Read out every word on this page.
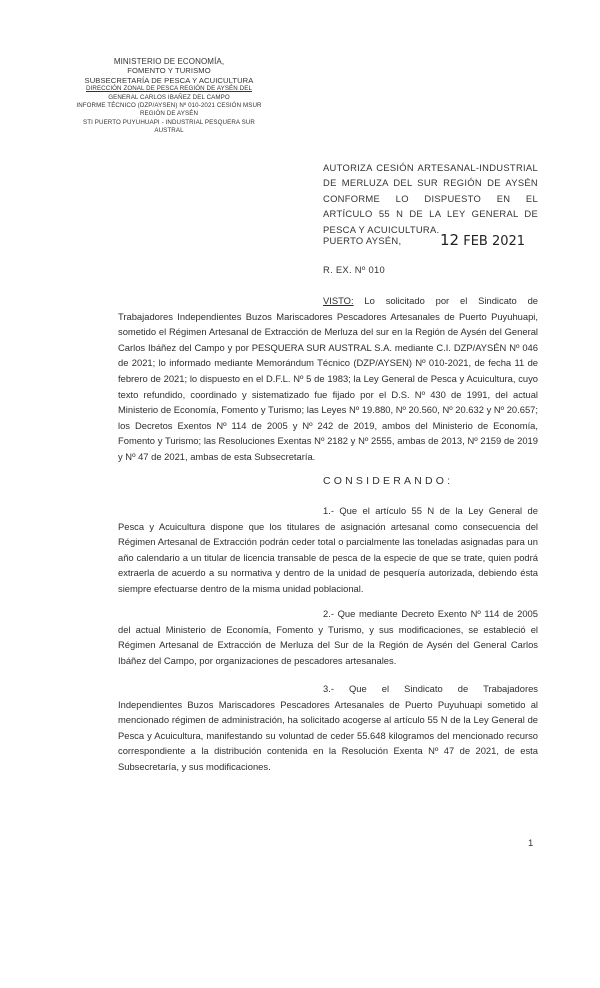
MINISTERIO DE ECONOMÍA,
FOMENTO Y TURISMO
SUBSECRETARÍA DE PESCA Y ACUICULTURA
DIRECCIÓN ZONAL DE PESCA REGIÓN DE AYSÉN DEL
GENERAL CARLOS IBAÑEZ DEL CAMPO
INFORME TÉCNICO (DZP/AYSEN) Nº 010-2021 CESIÓN MSUR
REGIÓN DE AYSÉN
STI PUERTO PUYUHUAPI - INDUSTRIAL PESQUERA SUR
AUSTRAL
AUTORIZA CESIÓN ARTESANAL-INDUSTRIAL DE MERLUZA DEL SUR REGIÓN DE AYSÉN CONFORME LO DISPUESTO EN EL ARTÍCULO 55 N DE LA LEY GENERAL DE PESCA Y ACUICULTURA.
PUERTO AYSÉN,	12 FEB 2021
R. EX. Nº 010
VISTO: Lo solicitado por el Sindicato de Trabajadores Independientes Buzos Mariscadores Pescadores Artesanales de Puerto Puyuhuapi, sometido el Régimen Artesanal de Extracción de Merluza del sur en la Región de Aysén del General Carlos Ibáñez del Campo y por PESQUERA SUR AUSTRAL S.A. mediante C.I. DZP/AYSÉN Nº 046 de 2021; lo informado mediante Memorándum Técnico (DZP/AYSEN) Nº 010-2021, de fecha 11 de febrero de 2021; lo dispuesto en el D.F.L. Nº 5 de 1983; la Ley General de Pesca y Acuicultura, cuyo texto refundido, coordinado y sistematizado fue fijado por el D.S. Nº 430 de 1991, del actual Ministerio de Economía, Fomento y Turismo; las Leyes Nº 19.880, Nº 20.560, Nº 20.632 y Nº 20.657; los Decretos Exentos Nº 114 de 2005 y Nº 242 de 2019, ambos del Ministerio de Economía, Fomento y Turismo; las Resoluciones Exentas Nº 2182 y Nº 2555, ambas de 2013, Nº 2159 de 2019 y Nº 47 de 2021, ambas de esta Subsecretaría.
CONSIDERANDO:
1.- Que el artículo 55 N de la Ley General de Pesca y Acuicultura dispone que los titulares de asignación artesanal como consecuencia del Régimen Artesanal de Extracción podrán ceder total o parcialmente las toneladas asignadas para un año calendario a un titular de licencia transable de pesca de la especie de que se trate, quien podrá extraerla de acuerdo a su normativa y dentro de la unidad de pesquería autorizada, debiendo ésta siempre efectuarse dentro de la misma unidad poblacional.
2.- Que mediante Decreto Exento Nº 114 de 2005 del actual Ministerio de Economía, Fomento y Turismo, y sus modificaciones, se estableció el Régimen Artesanal de Extracción de Merluza del Sur de la Región de Aysén del General Carlos Ibáñez del Campo, por organizaciones de pescadores artesanales.
3.- Que el Sindicato de Trabajadores Independientes Buzos Mariscadores Pescadores Artesanales de Puerto Puyuhuapi sometido al mencionado régimen de administración, ha solicitado acogerse al artículo 55 N de la Ley General de Pesca y Acuicultura, manifestando su voluntad de ceder 55.648 kilogramos del mencionado recurso correspondiente a la distribución contenida en la Resolución Exenta Nº 47 de 2021, de esta Subsecretaría, y sus modificaciones.
1
